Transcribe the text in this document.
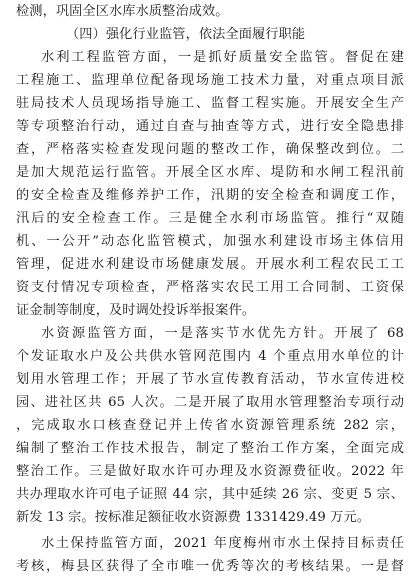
检测，巩固全区水库水质整治成效。
（四）强化行业监管，依法全面履行职能
水利工程监管方面，一是抓好质量安全监管。督促在建
工程施工、监理单位配备现场施工技术力量，对重点项目派
驻局技术人员现场指导施工、监督工程实施。开展安全生产
等专项整治行动，通过自查与抽查等方式，进行安全隐患排
查，严格落实检查发现问题的整改工作，确保整改到位。二
是加大规范运行监管。开展全区水库、堤防和水闸工程汛前
的安全检查及维修养护工作，汛期的安全检查和调度工作，
汛后的安全检查工作。三是健全水利市场监管。推行“双随
机、一公开”动态化监管模式，加强水利建设市场主体信用
管理，促进水利建设市场健康发展。开展水利工程农民工工
资支付情况专项检查，严格落实农民工用工合同制、工资保
证金制等制度，及时调处投诉举报案件。
水资源监管方面，一是落实节水优先方针。开展了 68
个发证取水户及公共供水管网范围内 4 个重点用水单位的计
划用水管理工作；开展了节水宣传教育活动，节水宣传进校
园、进社区共 65 人次。二是开展了取用水管理整治专项行动
，完成取水口核查登记并上传省水资源管理系统 282 宗，
编制了整治工作技术报告，制定了整治工作方案，全面完成
整治工作。三是做好取水许可办理及水资源费征收。2022 年
共办理取水许可电子证照 44 宗，其中延续 26 宗、变更 5 宗、
新发 13 宗。按标准足额征收水资源费 1331429.49 万元。
水土保持监管方面，2021 年度梅州市水土保持目标责任
考核，梅县区获得了全市唯一优秀等次的考核结果。一是督
